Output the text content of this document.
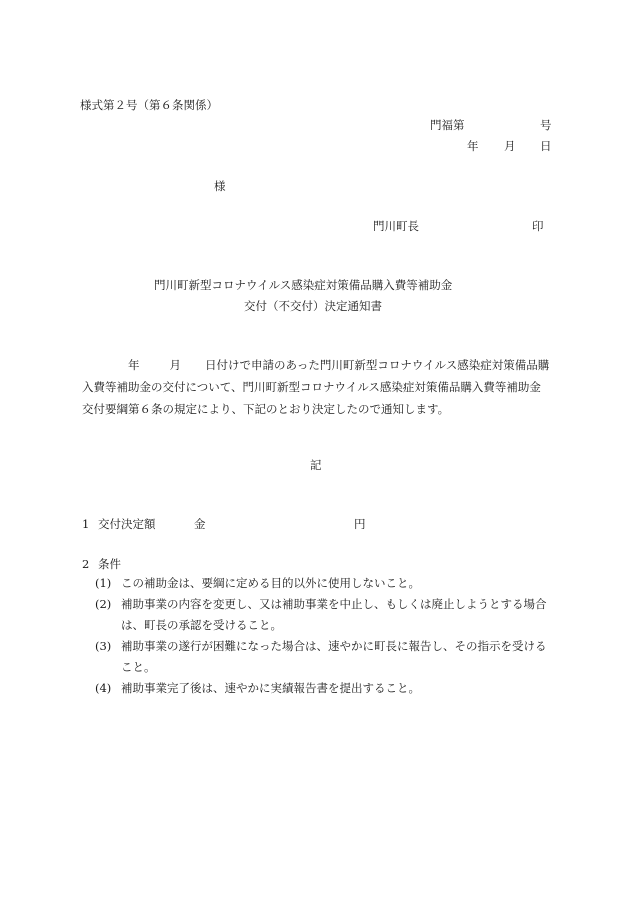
様式第２号（第６条関係）
門福第	号
年 月 日
様
門川町長	印
門川町新型コロナウイルス感染症対策備品購入費等補助金
交付（不交付）決定通知書
年	月 日付けで申請のあった門川町新型コロナウイルス感染症対策備品購入費等補助金の交付について、門川町新型コロナウイルス感染症対策備品購入費等補助金交付要綱第６条の規定により、下記のとおり決定したので通知します。
記
1 交付決定額	金	円
2 条件
(1) この補助金は、要綱に定める目的以外に使用しないこと。
(2) 補助事業の内容を変更し、又は補助事業を中止し、もしくは廃止しようとする場合は、町長の承認を受けること。
(3) 補助事業の遂行が困難になった場合は、速やかに町長に報告し、その指示を受けること。
(4) 補助事業完了後は、速やかに実績報告書を提出すること。
